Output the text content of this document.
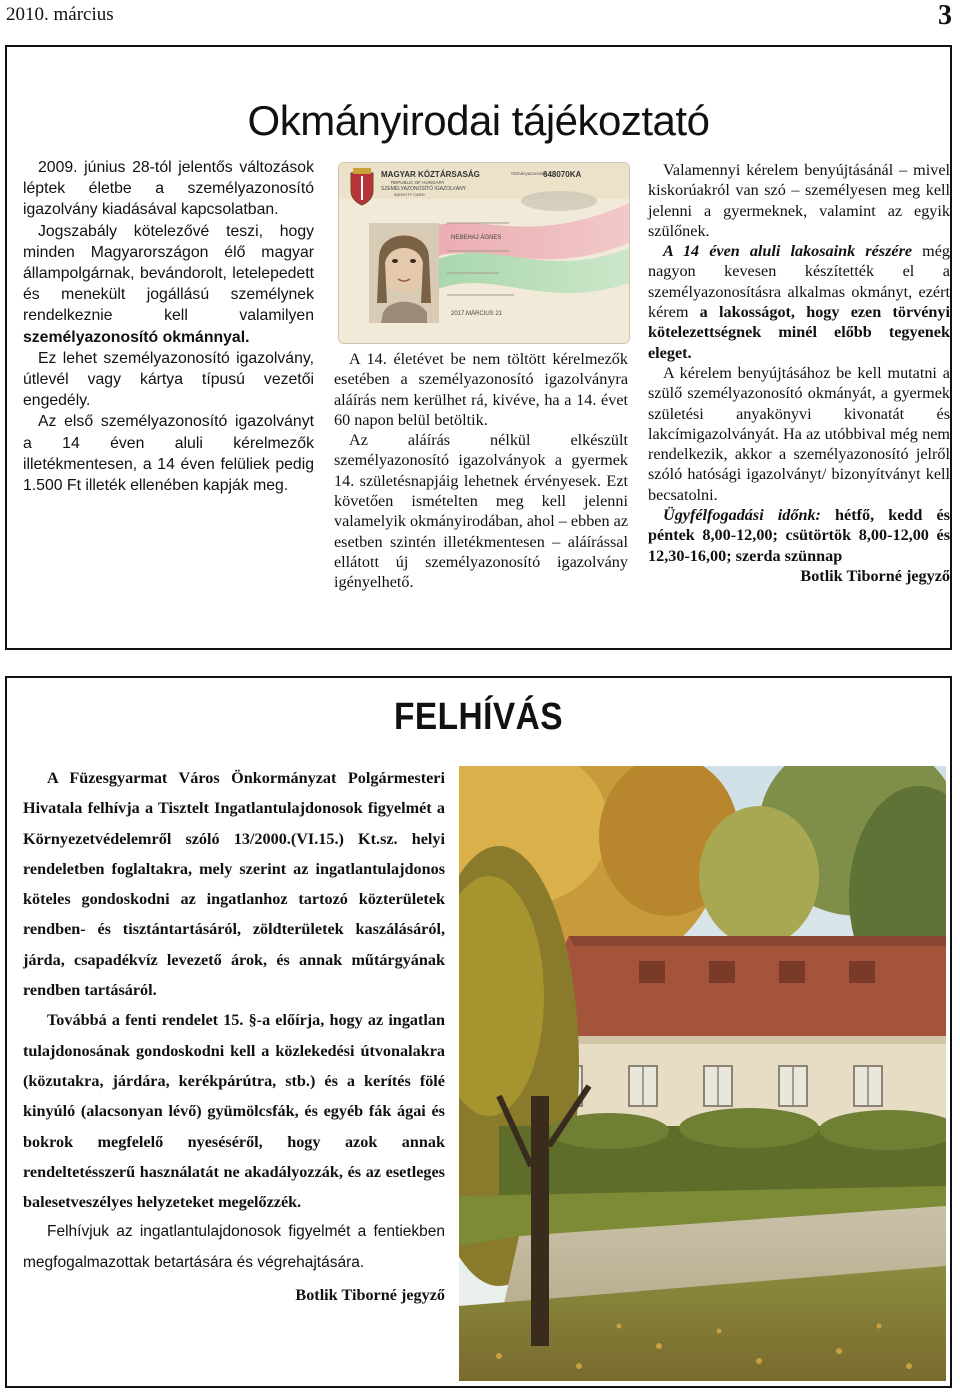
2010. március	3
Okmányirodai tájékoztató

2009. június 28-tól jelentős változások léptek életbe a személyazonosító igazolvány kiadásával kapcsolatban.

Jogszabály kötelezővé teszi, hogy minden Magyarországon élő magyar állampolgárnak, bevándorolt, letelepedett és menekült jogállású személynek rendelkeznie kell valamilyen személyazonosító okmánnyal.

Ez lehet személyazonosító igazolvány, útlevél vagy kártya típusú vezetői engedély.

Az első személyazonosító igazolványt a 14 éven aluli kérelmezők illetékmentesen, a 14 éven felüliek pedig 1.500 Ft illeték ellenében kapják meg.

MAGYAR KÖZTÁRSASÁG
REPUBLIC OF HUNGARY
SZEMÉLYAZONOSÍTÓ IGAZOLVÁNY
IDENTITY CARD
Okmányazonosító
648070KA
NEBEHAJ ÁGNES
2017.MÁRCIUS 21

A 14. életévet be nem töltött kérelmezők esetében a személyazonosító igazolványra aláírás nem kerülhet rá, kivéve, ha a 14. évet 60 napon belül betöltik.

Az aláírás nélkül elkészült személyazonosító igazolványok a gyermek 14. születésnapjáig lehetnek érvényesek. Ezt követően ismételten meg kell jelenni valamelyik okmányirodában, ahol – ebben az esetben szintén illetékmentesen – aláírással ellátott új személyazonosító igazolvány igényelhető.

Valamennyi kérelem benyújtásánál – mivel kiskorúakról van szó – személyesen meg kell jelenni a gyermeknek, valamint az egyik szülőnek.

A 14 éven aluli lakosaink részére még nagyon kevesen készítették el a személyazonosításra alkalmas okmányt, ezért kérem a lakosságot, hogy ezen törvényi kötelezettségnek minél előbb tegyenek eleget.

A kérelem benyújtásához be kell mutatni a szülő személyazonosító okmányát, a gyermek születési anyakönyvi kivonatát és lakcímigazolványát. Ha az utóbbival még nem rendelkezik, akkor a személyazonosító jelről szóló hatósági igazolványt/ bizonyítványt kell becsatolni.

Ügyfélfogadási időnk: hétfő, kedd és péntek 8,00-12,00; csütörtök 8,00-12,00 és 12,30-16,00; szerda szünnap

Botlik Tiborné jegyző
FELHÍVÁS

A Füzesgyarmat Város Önkormányzat Polgármesteri Hivatala felhívja a Tisztelt Ingatlantulajdonosok figyelmét a Környezetvédelemről szóló 13/2000.(VI.15.) Kt.sz. helyi rendeletben foglaltakra, mely szerint az ingatlantulajdonos köteles gondoskodni az ingatlanhoz tartozó közterületek rendben- és tisztántartásáról, zöldterületek kaszálásáról, járda, csapadékvíz levezető árok, és annak műtárgyának rendben tartásáról.

Továbbá a fenti rendelet 15. §-a előírja, hogy az ingatlan tulajdonosának gondoskodni kell a közlekedési útvonalakra (közutakra, járdára, kerékpárútra, stb.) és a kerítés fölé kinyúló (alacsonyan lévő) gyümölcsfák, és egyéb fák ágai és bokrok megfelelő nyeséséről, hogy azok annak rendeltetésszerű használatát ne akadályozzák, és az esetleges balesetveszélyes helyzeteket megelőzzék.

Felhívjuk az ingatlantulajdonosok figyelmét a fentiekben megfogalmazottak betartására és végrehajtására.

Botlik Tiborné jegyző
